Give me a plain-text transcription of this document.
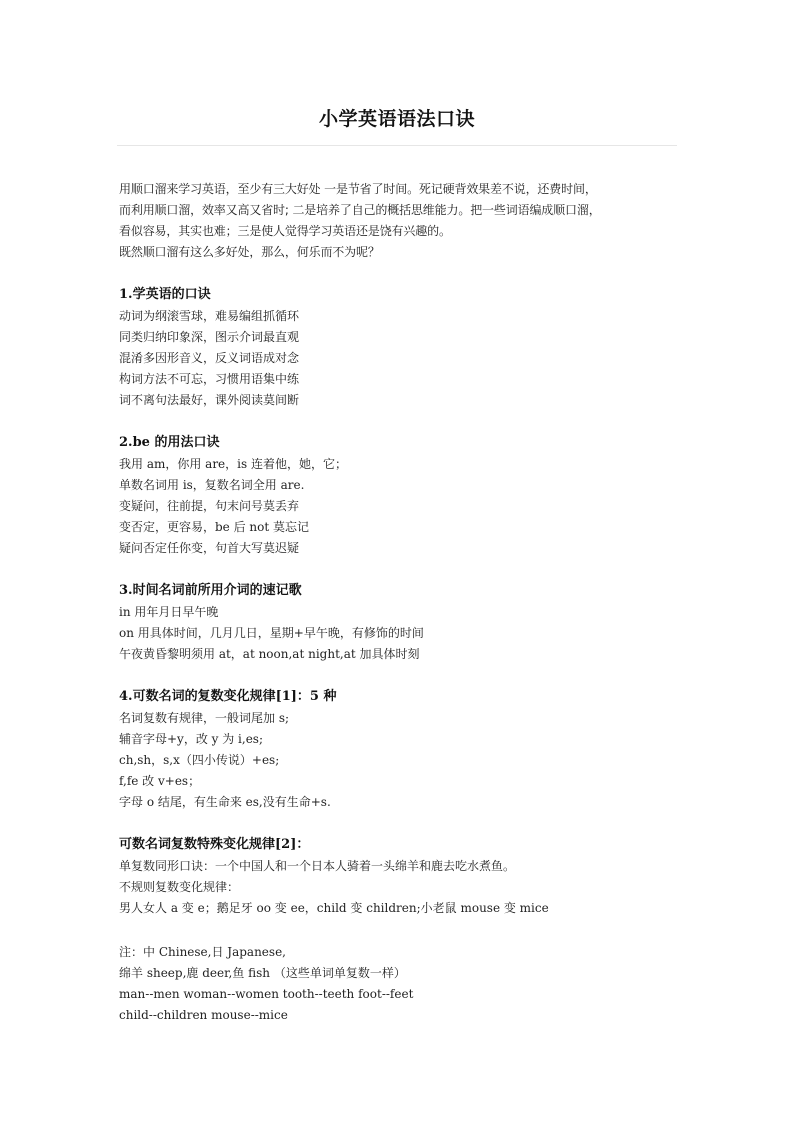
小学英语语法口诀
用顺口溜来学习英语，至少有三大好处 一是节省了时间。死记硬背效果差不说，还费时间，
而利用顺口溜，效率又高又省时; 二是培养了自己的概括思维能力。把一些词语编成顺口溜，
看似容易，其实也难；三是使人觉得学习英语还是饶有兴趣的。
既然顺口溜有这么多好处，那么，何乐而不为呢？
1.学英语的口诀
动词为纲滚雪球，难易编组抓循环
同类归纳印象深，图示介词最直观
混淆多因形音义，反义词语成对念
构词方法不可忘，习惯用语集中练
词不离句法最好，课外阅读莫间断
2.be 的用法口诀
我用 am，你用 are，is 连着他，她，它；
单数名词用 is，复数名词全用 are.
变疑问，往前提，句末问号莫丢弃
变否定，更容易，be 后 not 莫忘记
疑问否定任你变，句首大写莫迟疑
3.时间名词前所用介词的速记歌
in 用年月日早午晚
on 用具体时间，几月几日，星期+早午晚，有修饰的时间
午夜黄昏黎明须用 at，at noon,at night,at 加具体时刻
4.可数名词的复数变化规律[1]：5 种
名词复数有规律，一般词尾加 s;
辅音字母+y，改 y 为 i,es;
ch,sh，s,x（四小传说）+es;
f,fe 改 v+es；
字母 o 结尾，有生命来 es,没有生命+s.
可数名词复数特殊变化规律[2]：
单复数同形口诀：一个中国人和一个日本人骑着一头绵羊和鹿去吃水煮鱼。
不规则复数变化规律：
男人女人 a 变 e；鹅足牙 oo 变 ee，child 变 children;小老鼠 mouse 变 mice
注：中 Chinese,日 Japanese,
绵羊 sheep,鹿 deer,鱼 fish （这些单词单复数一样）
man--men woman--women tooth--teeth foot--feet
child--children mouse--mice
